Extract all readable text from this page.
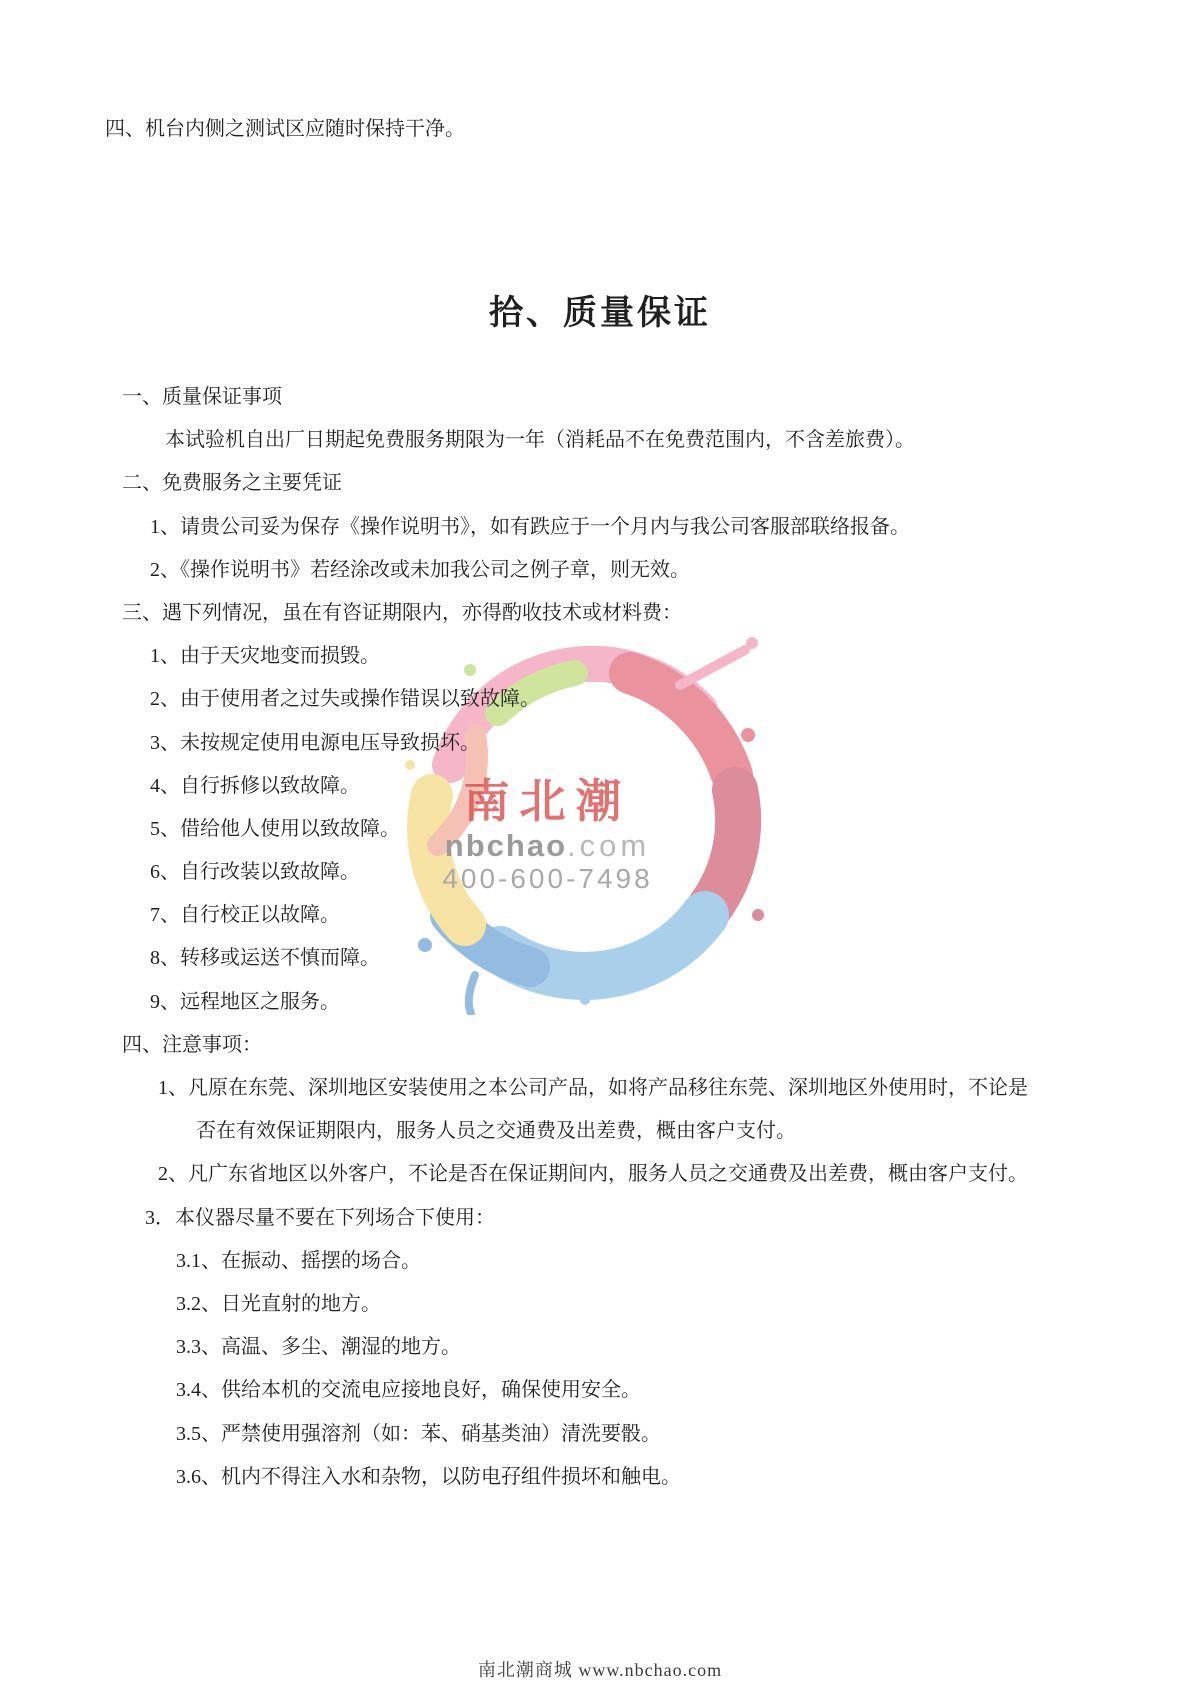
四、机台内侧之测试区应随时保持干净。
拾、质量保证
南北潮
nbchao.com
400-600-7498
一、质量保证事项
本试验机自出厂日期起免费服务期限为一年（消耗品不在免费范围内，不含差旅费）。
二、免费服务之主要凭证
1、请贵公司妥为保存《操作说明书》，如有跌应于一个月内与我公司客服部联络报备。
2、《操作说明书》若经涂改或未加我公司之例子章，则无效。
三、遇下列情况，虽在有咨证期限内，亦得酌收技术或材料费：
1、由于天灾地变而损毁。
2、由于使用者之过失或操作错误以致故障。
3、未按规定使用电源电压导致损坏。
4、自行拆修以致故障。
5、借给他人使用以致故障。
6、自行改装以致故障。
7、自行校正以故障。
8、转移或运送不慎而障。
9、远程地区之服务。
四、注意事项：
1、凡原在东莞、深圳地区安装使用之本公司产品，如将产品移往东莞、深圳地区外使用时，不论是
否在有效保证期限内，服务人员之交通费及出差费，概由客户支付。
2、凡广东省地区以外客户，不论是否在保证期间内，服务人员之交通费及出差费，概由客户支付。
3．本仪器尽量不要在下列场合下使用：
3.1、在振动、摇摆的场合。
3.2、日光直射的地方。
3.3、高温、多尘、潮湿的地方。
3.4、供给本机的交流电应接地良好，确保使用安全。
3.5、严禁使用强溶剂（如：苯、硝基类油）清洗要骰。
3.6、机内不得注入水和杂物，以防电孖组件损坏和触电。
南北潮商城 www.nbchao.com
